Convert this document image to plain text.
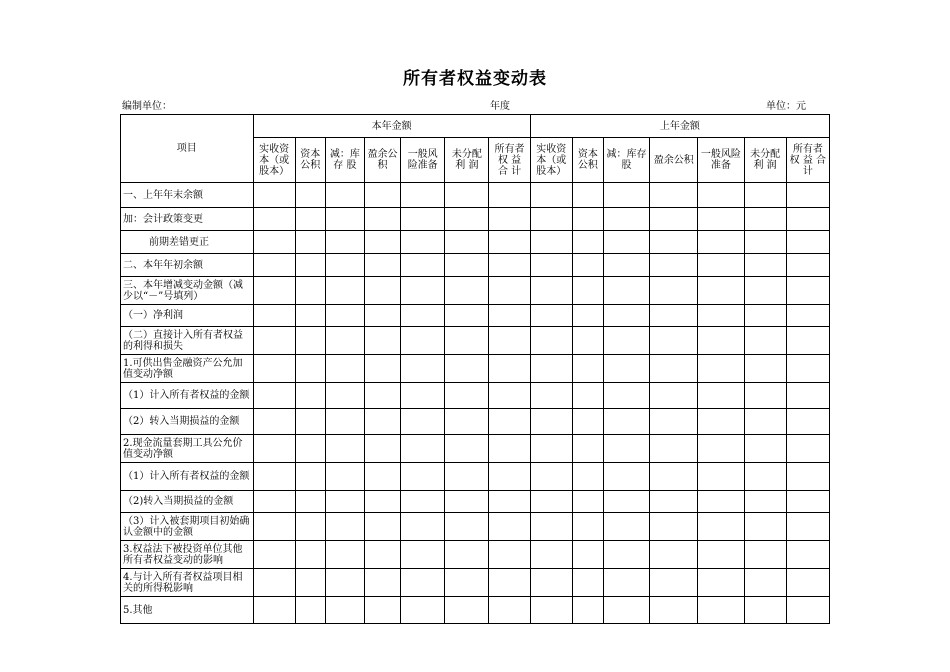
所有者权益变动表
编制单位：	年度	单位：元
项目	本年金额							上年金额						
	实收资本（或股本）	资本公积	减：库存 股	盈余公积	一般风险准备	未分配利 润	所有者权 益 合 计	实收资本（或股本）	资本公积	减：库存 股	盈余公积	一般风险准备	未分配利 润	所有者权 益 合 计
一、上年年末余额														
加：会计政策变更														
前期差错更正														
二、本年年初余额														
三、本年增减变动金额（减少以“－”号填列）														
（一）净利润														
（二）直接计入所有者权益的利得和损失														
1.可供出售金融资产公允加值变动净额														
（1）计入所有者权益的金额														
（2）转入当期损益的金额														
2.现金流量套期工具公允价值变动净额														
（1）计入所有者权益的金额														
（2)转入当期损益的金额														
（3）计入被套期项目初始确认金额中的金额														
3.权益法下被投资单位其他所有者权益变动的影响														
4.与计入所有者权益项目相关的所得税影响														
5.其他														
